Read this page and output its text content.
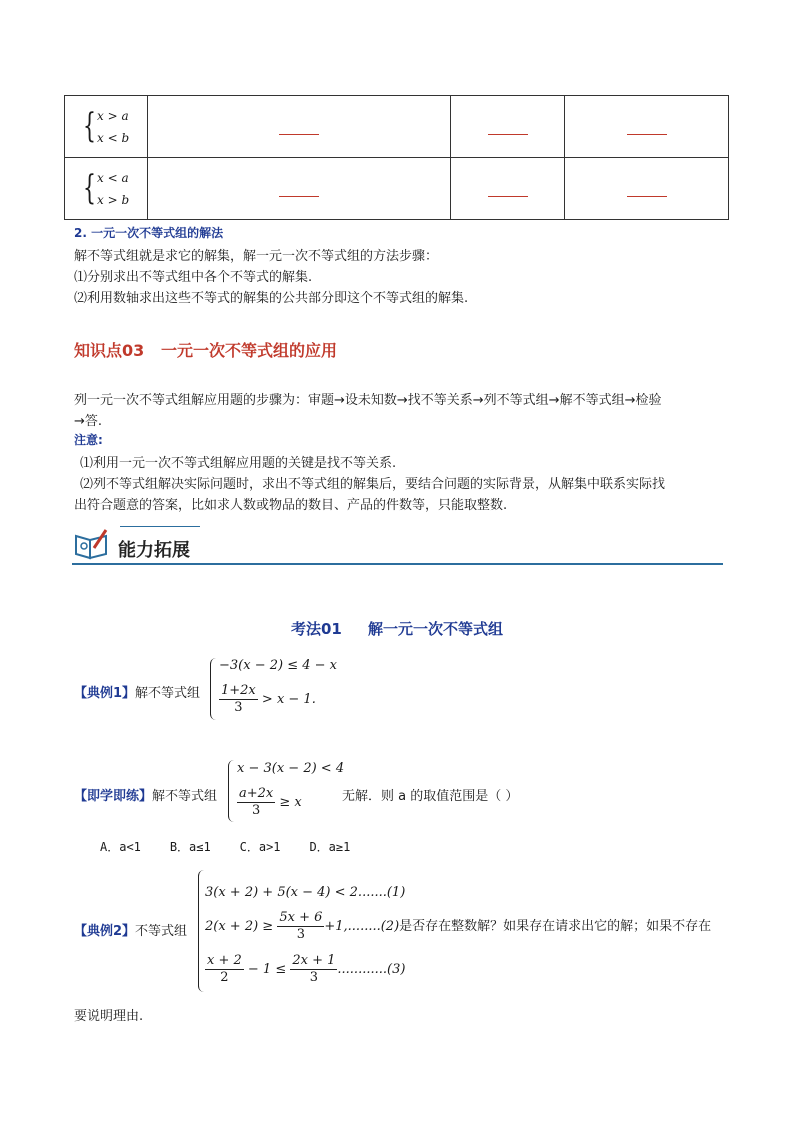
{ x > a
x < b			

{ x < a
x > b			

2. 一元一次不等式组的解法
解不等式组就是求它的解集，解一元一次不等式组的方法步骤：
⑴分别求出不等式组中各个不等式的解集.
⑵利用数轴求出这些不等式的解集的公共部分即这个不等式组的解集.
知识点03   一元一次不等式组的应用
列一元一次不等式组解应用题的步骤为：审题→设未知数→找不等关系→列不等式组→解不等式组→检验
→答.
注意:
⑴利用一元一次不等式组解应用题的关键是找不等关系.
⑵列不等式组解决实际问题时，求出不等式组的解集后，要结合问题的实际背景，从解集中联系实际找
出符合题意的答案，比如求人数或物品的数目、产品的件数等，只能取整数.
能力拓展
考法01     解一元一次不等式组
【典例1】解不等式组
−3(x − 2) ≤ 4 − x
$\frac{1+2x}{3} > x - 1$.
【即学即练】解不等式组
x − 3(x − 2) < 4
$\frac{a+2x}{3} \ge x$	无解．则 a 的取值范围是（ ）
A．a<1 B．a≤1 C．a>1 D．a≥1
【典例2】不等式组
3(x + 2) + 5(x − 4) < 2.......(1)
$2(x + 2) \ge \frac{5x + 6}{3} +1,........(2)$是否存在整数解？如果存在请求出它的解；如果不存在
$\frac{x + 2}{2} - 1 \le \frac{2x + 1}{3} ............(3)$
要说明理由.
